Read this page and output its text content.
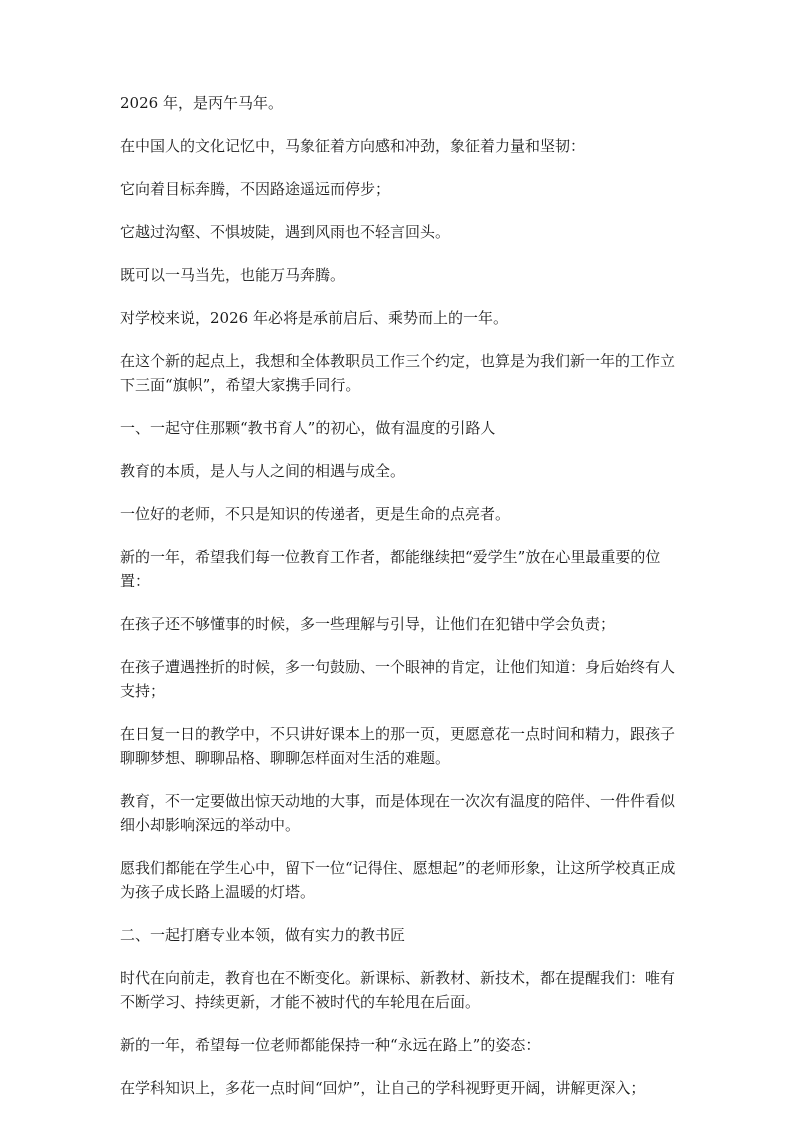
2026 年，是丙午马年。

在中国人的文化记忆中，马象征着方向感和冲劲，象征着力量和坚韧：

它向着目标奔腾，不因路途遥远而停步；

它越过沟壑、不惧坡陡，遇到风雨也不轻言回头。

既可以一马当先，也能万马奔腾。

对学校来说，2026 年必将是承前启后、乘势而上的一年。

在这个新的起点上，我想和全体教职员工作三个约定，也算是为我们新一年的工作立下三面“旗帜”，希望大家携手同行。

一、一起守住那颗“教书育人”的初心，做有温度的引路人

教育的本质，是人与人之间的相遇与成全。

一位好的老师，不只是知识的传递者，更是生命的点亮者。

新的一年，希望我们每一位教育工作者，都能继续把“爱学生”放在心里最重要的位置：

在孩子还不够懂事的时候，多一些理解与引导，让他们在犯错中学会负责；

在孩子遭遇挫折的时候，多一句鼓励、一个眼神的肯定，让他们知道：身后始终有人支持；

在日复一日的教学中，不只讲好课本上的那一页，更愿意花一点时间和精力，跟孩子聊聊梦想、聊聊品格、聊聊怎样面对生活的难题。

教育，不一定要做出惊天动地的大事，而是体现在一次次有温度的陪伴、一件件看似细小却影响深远的举动中。

愿我们都能在学生心中，留下一位“记得住、愿想起”的老师形象，让这所学校真正成为孩子成长路上温暖的灯塔。

二、一起打磨专业本领，做有实力的教书匠

时代在向前走，教育也在不断变化。新课标、新教材、新技术，都在提醒我们：唯有不断学习、持续更新，才能不被时代的车轮甩在后面。

新的一年，希望每一位老师都能保持一种“永远在路上”的姿态：

在学科知识上，多花一点时间“回炉”，让自己的学科视野更开阔，讲解更深入；
